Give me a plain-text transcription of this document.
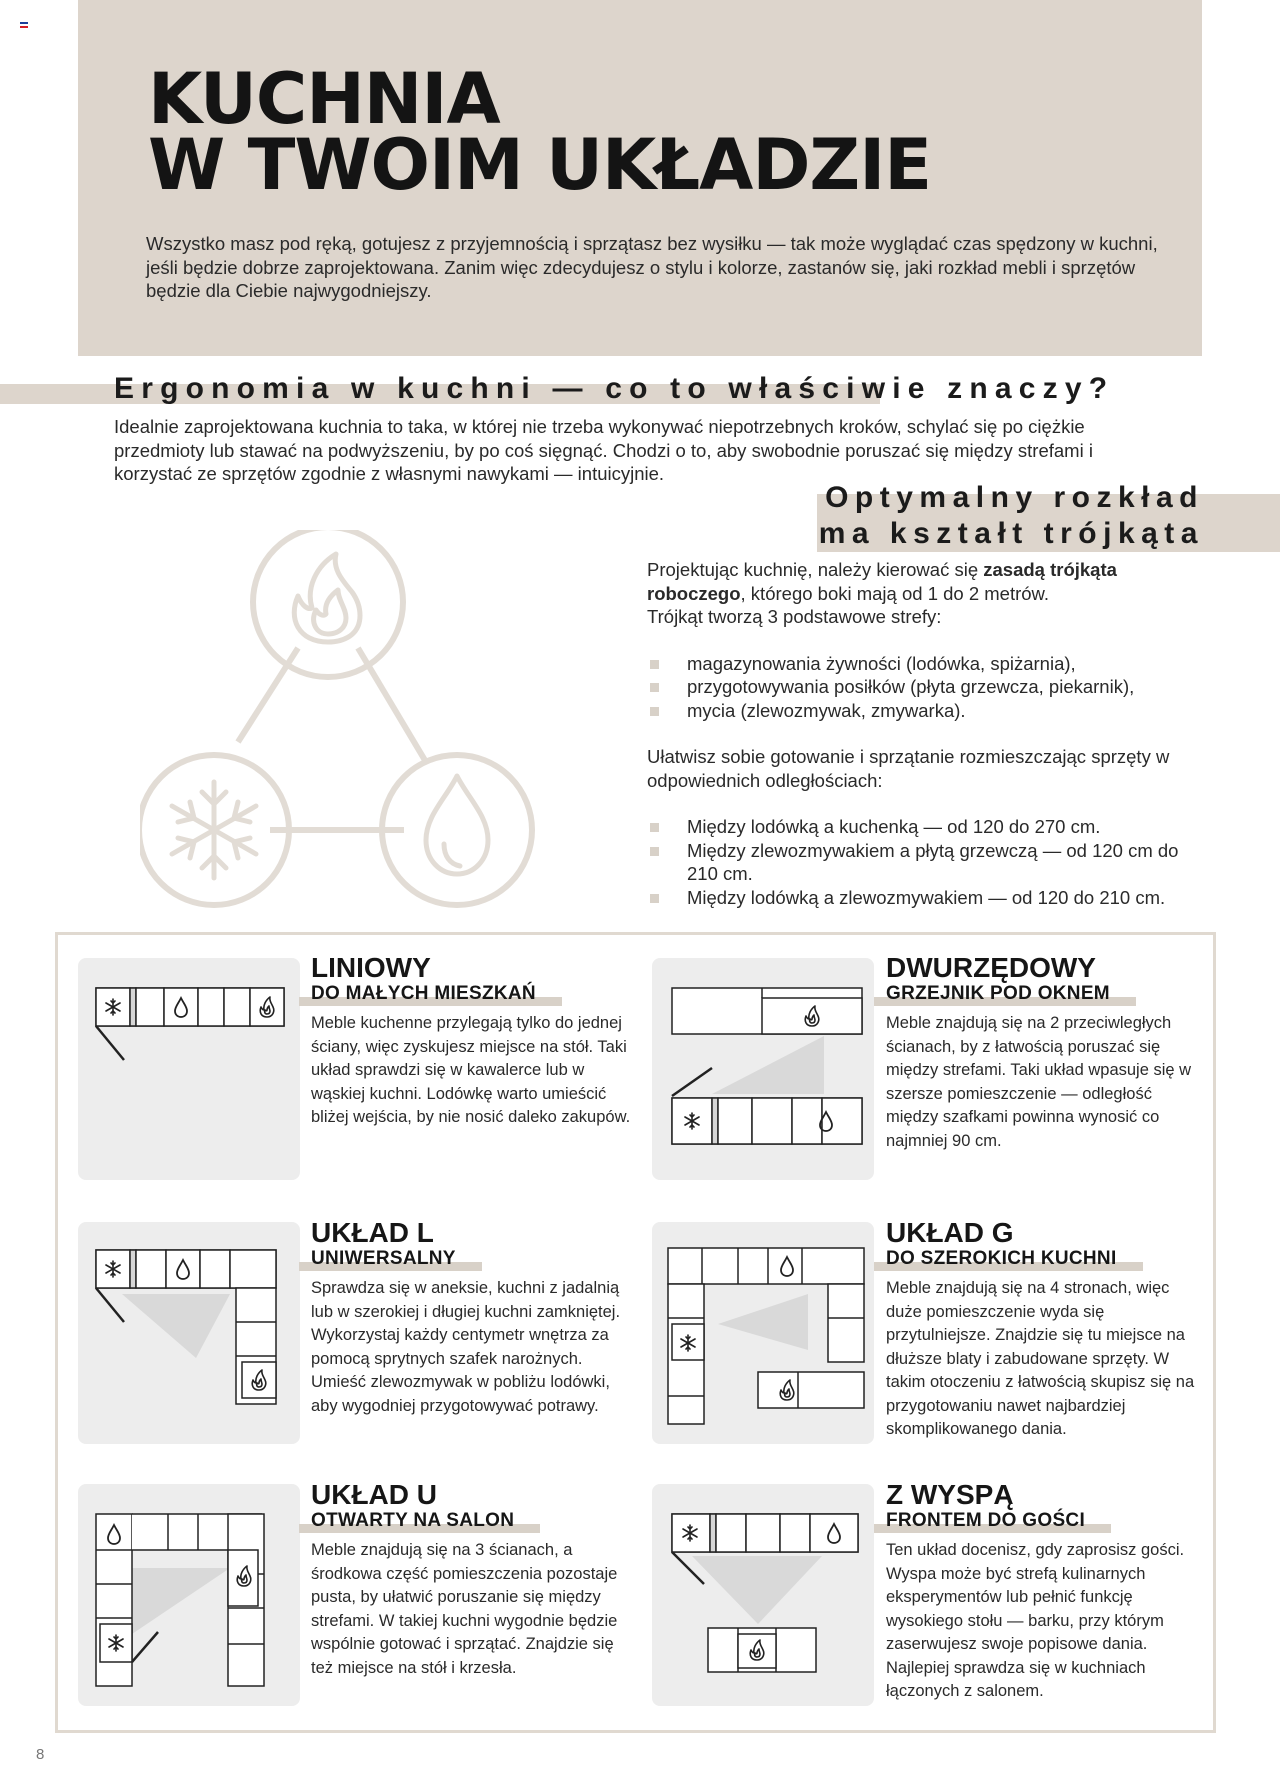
KUCHNIA
W TWOIM UKŁADZIE

Wszystko masz pod ręką, gotujesz z przyjemnością i sprzątasz bez wysiłku — tak może wyglądać czas spędzony w kuchni, jeśli będzie dobrze zaprojektowana. Zanim więc zdecydujesz o stylu i kolorze, zastanów się, jaki rozkład mebli i sprzętów będzie dla Ciebie najwygodniejszy.

Ergonomia w kuchni — co to właściwie znaczy?

Idealnie zaprojektowana kuchnia to taka, w której nie trzeba wykonywać niepotrzebnych kroków, schylać się po ciężkie przedmioty lub stawać na podwyższeniu, by po coś sięgnąć. Chodzi o to, aby swobodnie poruszać się między strefami i korzystać ze sprzętów zgodnie z własnymi nawykami — intuicyjnie.

Optymalny rozkład
ma kształt trójkąta

Projektując kuchnię, należy kierować się zasadą trójkąta roboczego, którego boki mają od 1 do 2 metrów.
Trójkąt tworzą 3 podstawowe strefy:

magazynowania żywności (lodówka, spiżarnia),
przygotowywania posiłków (płyta grzewcza, piekarnik),
mycia (zlewozmywak, zmywarka).

Ułatwisz sobie gotowanie i sprzątanie rozmieszczając sprzęty w odpowiednich odległościach:

Między lodówką a kuchenką — od 120 do 270 cm.
Między zlewozmywakiem a płytą grzewczą — od 120 cm do 210 cm.
Między lodówką a zlewozmywakiem — od 120 do 210 cm.
LINIOWY
DO MAŁYCH MIESZKAŃ

Meble kuchenne przylegają tylko do jednej ściany, więc zyskujesz miejsce na stół. Taki układ sprawdzi się w kawalerce lub w wąskiej kuchni. Lodówkę warto umieścić bliżej wejścia, by nie nosić daleko zakupów.

DWURZĘDOWY
GRZEJNIK POD OKNEM

Meble znajdują się na 2 przeciwległych ścianach, by z łatwością poruszać się między strefami. Taki układ wpasuje się w szersze pomieszczenie — odległość między szafkami powinna wynosić co najmniej 90 cm.

UKŁAD L
UNIWERSALNY

Sprawdza się w aneksie, kuchni z jadalnią lub w szerokiej i długiej kuchni zamkniętej. Wykorzystaj każdy centymetr wnętrza za pomocą sprytnych szafek narożnych. Umieść zlewozmywak w pobliżu lodówki, aby wygodniej przygotowywać potrawy.

UKŁAD G
DO SZEROKICH KUCHNI

Meble znajdują się na 4 stronach, więc duże pomieszczenie wyda się przytulniejsze. Znajdzie się tu miejsce na dłuższe blaty i zabudowane sprzęty. W takim otoczeniu z łatwością skupisz się na przygotowaniu nawet najbardziej skomplikowanego dania.

UKŁAD U
OTWARTY NA SALON

Meble znajdują się na 3 ścianach, a środkowa część pomieszczenia pozostaje pusta, by ułatwić poruszanie się między strefami. W takiej kuchni wygodnie będzie wspólnie gotować i sprzątać. Znajdzie się też miejsce na stół i krzesła.

Z WYSPĄ
FRONTEM DO GOŚCI

Ten układ docenisz, gdy zaprosisz gości. Wyspa może być strefą kulinarnych eksperymentów lub pełnić funkcję wysokiego stołu — barku, przy którym zaserwujesz swoje popisowe dania. Najlepiej sprawdza się w kuchniach łączonych z salonem.

8
